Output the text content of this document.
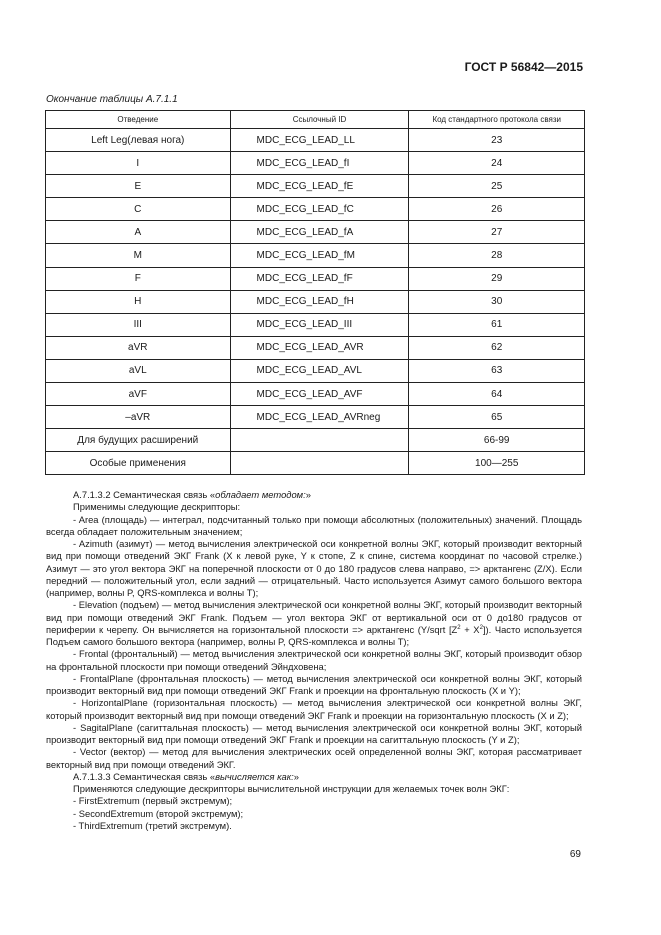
ГОСТ Р 56842—2015
Окончание таблицы А.7.1.1
Отведение	Ссылочный ID	Код стандартного протокола связи
Left Leg(левая нога)	MDC_ECG_LEAD_LL	23
I	MDC_ECG_LEAD_fI	24
E	MDC_ECG_LEAD_fE	25
C	MDC_ECG_LEAD_fC	26
A	MDC_ECG_LEAD_fA	27
M	MDC_ECG_LEAD_fM	28
F	MDC_ECG_LEAD_fF	29
H	MDC_ECG_LEAD_fH	30
III	MDC_ECG_LEAD_III	61
aVR	MDC_ECG_LEAD_AVR	62
aVL	MDC_ECG_LEAD_AVL	63
aVF	MDC_ECG_LEAD_AVF	64
–aVR	MDC_ECG_LEAD_AVRneg	65
Для будущих расширений		66-99
Особые применения		100—255

А.7.1.3.2 Семантическая связь «обладает методом:»

Применимы следующие дескрипторы:

- Area (площадь) — интеграл, подсчитанный только при помощи абсолютных (положительных) значений. Площадь всегда обладает положительным значением;

- Azimuth (азимут) — метод вычисления электрической оси конкретной волны ЭКГ, который производит векторный вид при помощи отведений ЭКГ Frank (X к левой руке, Y к стопе, Z к спине, система координат по часовой стрелке.) Азимут — это угол вектора ЭКГ на поперечной плоскости от 0 до 180 градусов слева направо, => арктангенс (Z/X). Если передний — положительный угол, если задний — отрицательный. Часто используется Азимут самого большого вектора (например, волны P, QRS-комплекса и волны T);

- Elevation (подъем) — метод вычисления электрической оси конкретной волны ЭКГ, который производит векторный вид при помощи отведений ЭКГ Frank. Подъем — угол вектора ЭКГ от вертикальной оси от 0 до180 градусов от периферии к черепу. Он вычисляется на горизонтальной плоскости => арктангенс (Y/sqrt $[Z^2 + X^2]$). Часто используется Подъем самого большого вектора (например, волны P, QRS-комплекса и волны T);

- Frontal (фронтальный) — метод вычисления электрической оси конкретной волны ЭКГ, который производит обзор на фронтальной плоскости при помощи отведений Эйндховена;

- FrontalPlane (фронтальная плоскость) — метод вычисления электрической оси конкретной волны ЭКГ, который производит векторный вид при помощи отведений ЭКГ Frank и проекции на фронтальную плоскость (X и Y);

- HorizontalPlane (горизонтальная плоскость) — метод вычисления электрической оси конкретной волны ЭКГ, который производит векторный вид при помощи отведений ЭКГ Frank и проекции на горизонтальную плоскость (X и Z);

- SagitalPlane (сагиттальная плоскость) — метод вычисления электрической оси конкретной волны ЭКГ, который производит векторный вид при помощи отведений ЭКГ Frank и проекции на сагиттальную плоскость (Y и Z);

- Vector (вектор) — метод для вычисления электрических осей определенной волны ЭКГ, которая рассматривает векторный вид при помощи отведений ЭКГ.

А.7.1.3.3 Семантическая связь «вычисляется как:»

Применяются следующие дескрипторы вычислительной инструкции для желаемых точек волн ЭКГ:

- FirstExtremum (первый экстремум);

- SecondExtremum (второй экстремум);

- ThirdExtremum (третий экстремум).

69
